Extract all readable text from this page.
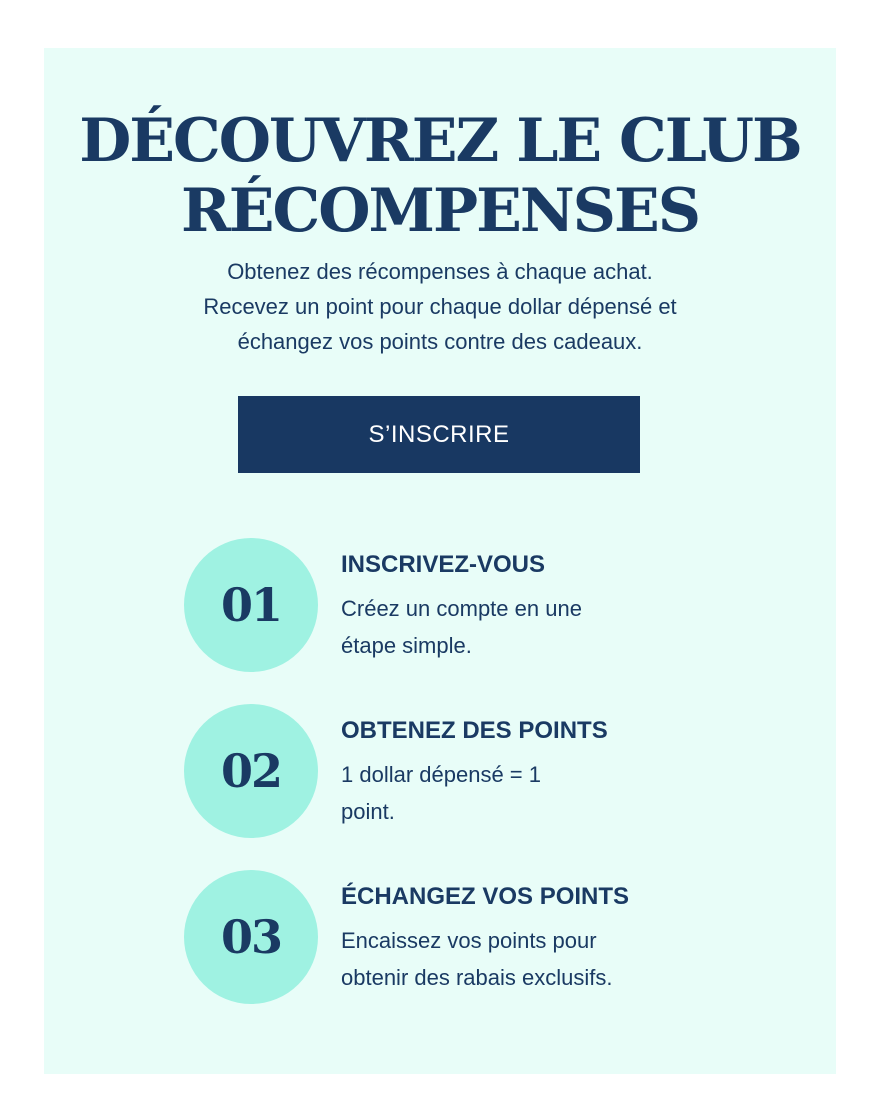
DÉCOUVREZ LE CLUB
RÉCOMPENSES

Obtenez des récompenses à chaque achat.
Recevez un point pour chaque dollar dépensé et
échangez vos points contre des cadeaux.

S’INSCRIRE
01

INSCRIVEZ-VOUS

Créez un compte en une
étape simple.

02

OBTENEZ DES POINTS

1 dollar dépensé = 1
point.

03

ÉCHANGEZ VOS POINTS

Encaissez vos points pour
obtenir des rabais exclusifs.
